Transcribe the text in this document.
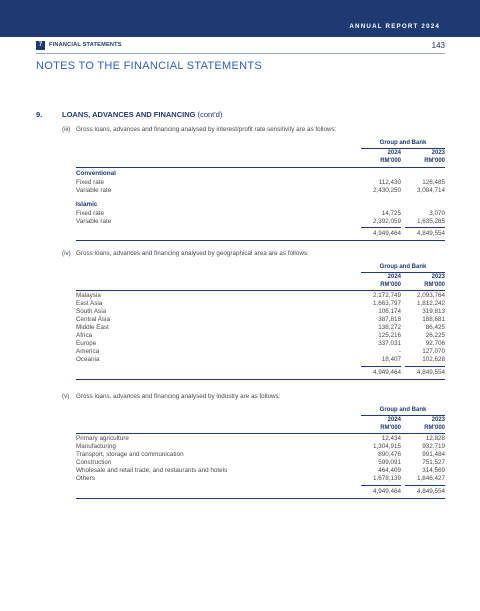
ANNUAL REPORT 2024
7	FINANCIAL STATEMENTS	143
NOTES TO THE FINANCIAL STATEMENTS
9.	LOANS, ADVANCES AND FINANCING (cont'd)
(iii) Gross loans, advances and financing analysed by interest/profit rate sensitivity are as follows:
Group and Bank
2024	2023
RM'000	RM'000
Conventional
Fixed rate	112,430	126,485
Variable rate	2,430,250	3,084,714
Islamic
Fixed rate	14,725	3,070
Variable rate	2,392,059	1,635,285
4,949,464	4,849,554
(iv) Gross loans, advances and financing analysed by geographical area are as follows:
Group and Bank
2024	2023
RM'000	RM'000
Malaysia	2,172,749	2,093,764
East Asia	1,663,797	1,812,242
South Asia	106,174	319,813
Central Asia	387,818	188,681
Middle East	138,272	86,425
Africa	125,216	26,225
Europe	337,031	92,706
America	-	127,070
Oceania	18,407	102,628
4,949,464	4,849,554
(v) Gross loans, advances and financing analysed by industry are as follows:
Group and Bank
2024	2023
RM'000	RM'000
Primary agriculture	12,434	12,828
Manufacturing	1,304,915	932,719
Transport, storage and communication	890,476	991,484
Construction	599,091	751,527
Wholesale and retail trade, and restaurants and hotels	464,409	314,569
Others	1,678,139	1,846,427
4,949,464	4,849,554
